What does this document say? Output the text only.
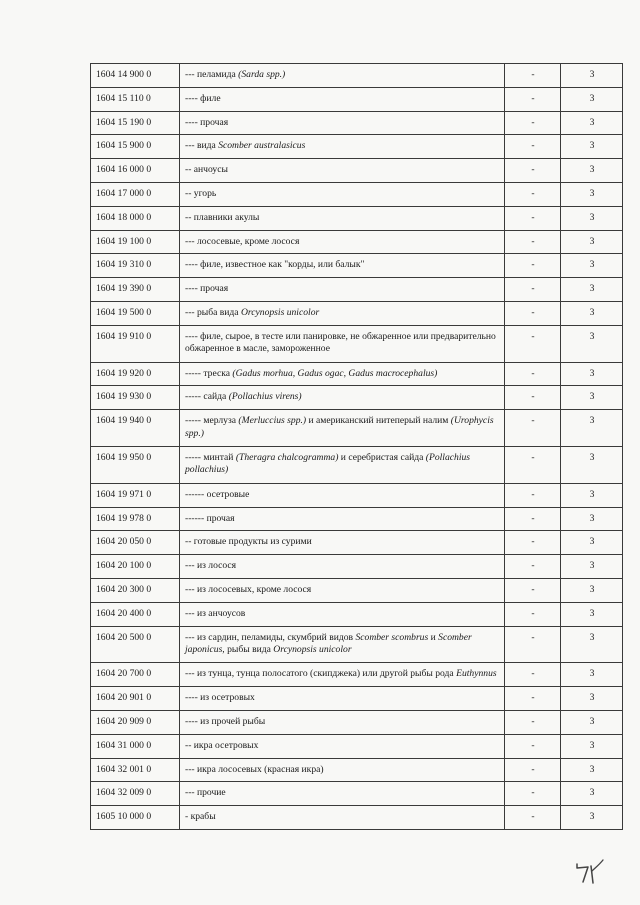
1604 14 900 0	--- пеламида (Sarda spp.)	-	3
1604 15 110 0	---- филе	-	3
1604 15 190 0	---- прочая	-	3
1604 15 900 0	--- вида Scomber australasicus	-	3
1604 16 000 0	-- анчоусы	-	3
1604 17 000 0	-- угорь	-	3
1604 18 000 0	-- плавники акулы	-	3
1604 19 100 0	--- лососевые, кроме лосося	-	3
1604 19 310 0	---- филе, известное как "корды, или балык"	-	3
1604 19 390 0	---- прочая	-	3
1604 19 500 0	--- рыба вида Orcynopsis unicolor	-	3
1604 19 910 0	---- филе, сырое, в тесте или панировке, не обжаренное или предварительно обжаренное в масле, замороженное	-	3
1604 19 920 0	----- треска (Gadus morhua, Gadus ogac, Gadus macrocephalus)	-	3
1604 19 930 0	----- сайда (Pollachius virens)	-	3
1604 19 940 0	----- мерлуза (Merluccius spp.) и американский нитеперый налим (Urophycis spp.)	-	3
1604 19 950 0	----- минтай (Theragra chalcogramma) и серебристая сайда (Pollachius pollachius)	-	3
1604 19 971 0	------ осетровые	-	3
1604 19 978 0	------ прочая	-	3
1604 20 050 0	-- готовые продукты из сурими	-	3
1604 20 100 0	--- из лосося	-	3
1604 20 300 0	--- из лососевых, кроме лосося	-	3
1604 20 400 0	--- из анчоусов	-	3
1604 20 500 0	--- из сардин, пеламиды, скумбрий видов Scomber scombrus и Scomber japonicus, рыбы вида Orcynopsis unicolor	-	3
1604 20 700 0	--- из тунца, тунца полосатого (скипджека) или другой рыбы рода Euthynnus	-	3
1604 20 901 0	---- из осетровых	-	3
1604 20 909 0	---- из прочей рыбы	-	3
1604 31 000 0	-- икра осетровых	-	3
1604 32 001 0	--- икра лососевых (красная икра)	-	3
1604 32 009 0	--- прочие	-	3
1605 10 000 0	- крабы	-	3
